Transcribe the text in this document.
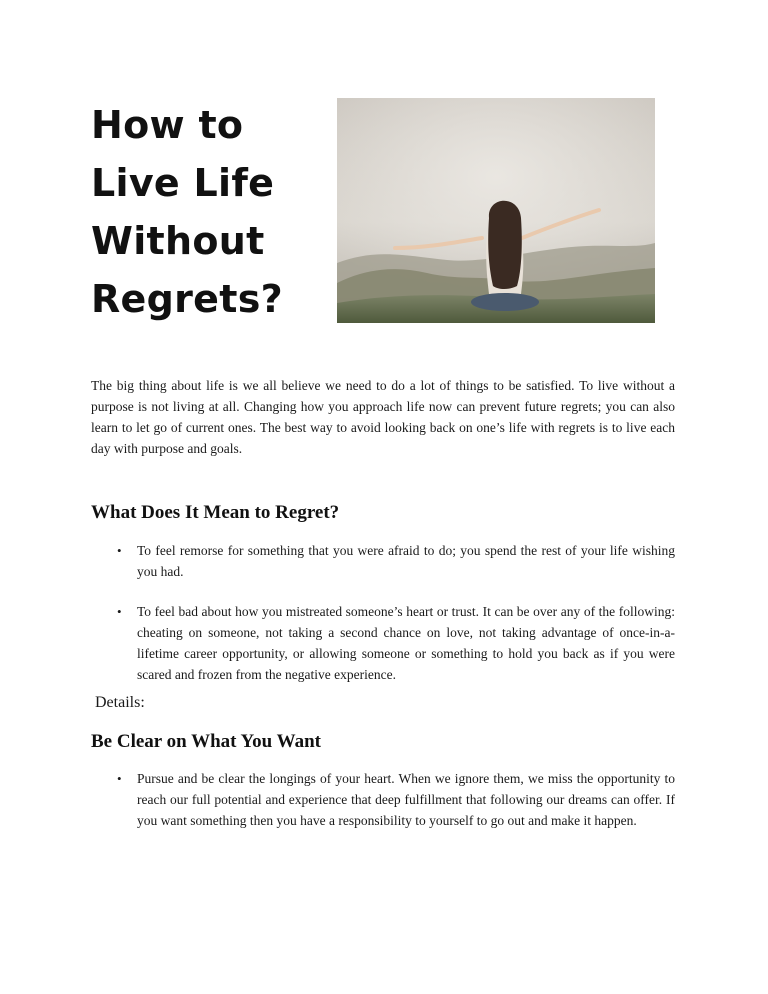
How to Live Life Without Regrets?

The big thing about life is we all believe we need to do a lot of things to be satisfied. To live without a purpose is not living at all. Changing how you approach life now can prevent future regrets; you can also learn to let go of current ones. The best way to avoid looking back on one’s life with regrets is to live each day with purpose and goals.

What Does It Mean to Regret?
• To feel remorse for something that you were afraid to do; you spend the rest of your life wishing you had.
• To feel bad about how you mistreated someone’s heart or trust. It can be over any of the following: cheating on someone, not taking a second chance on love, not taking advantage of once-in-a-lifetime career opportunity, or allowing someone or something to hold you back as if you were scared and frozen from the negative experience.

Details:

Be Clear on What You Want
• Pursue and be clear the longings of your heart. When we ignore them, we miss the opportunity to reach our full potential and experience that deep fulfillment that following our dreams can offer. If you want something then you have a responsibility to yourself to go out and make it happen.
